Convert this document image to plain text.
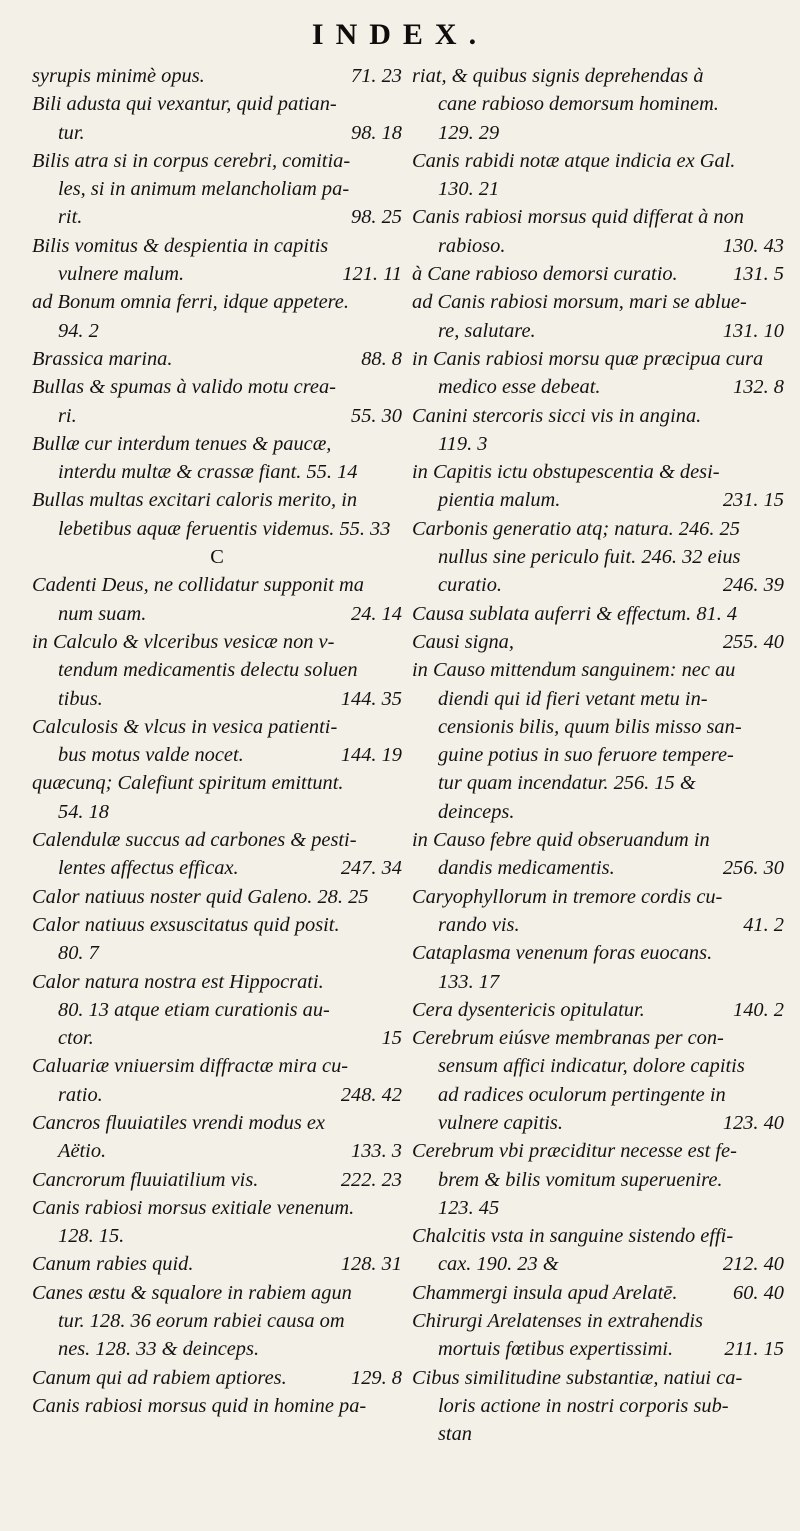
INDEX.
71. 23
syrupis minimè opus.
Bili adusta qui vexantur, quid patian-
98. 18
tur.
Bilis atra si in corpus cerebri, comitia-
les, si in animum melancholiam pa-
98. 25
rit.
Bilis vomitus & despientia in capitis
121. 11
vulnere malum.
ad Bonum omnia ferri, idque appetere.
94. 2
88. 8
Brassica marina.
Bullas & spumas à valido motu crea-
55. 30
ri.
Bullæ cur interdum tenues & paucæ,
interdu multæ & crassæ fiant. 55. 14
Bullas multas excitari caloris merito, in
lebetibus aquæ feruentis videmus. 55. 33
C
Cadenti Deus, ne collidatur supponit ma
24. 14
num suam.
in Calculo & vlceribus vesicæ non v-
tendum medicamentis delectu soluen
144. 35
tibus.
Calculosis & vlcus in vesica patienti-
144. 19
bus motus valde nocet.
quæcunq; Calefiunt spiritum emittunt.
54. 18
Calendulæ succus ad carbones & pesti-
247. 34
lentes affectus efficax.
Calor natiuus noster quid Galeno. 28. 25
Calor natiuus exsuscitatus quid posit.
80. 7
Calor natura nostra est Hippocrati.
80. 13 atque etiam curationis au-
15
ctor.
Caluariæ vniuersim diffractæ mira cu-
248. 42
ratio.
Cancros fluuiatiles vrendi modus ex
133. 3
Aëtio.
222. 23
Cancrorum fluuiatilium vis.
Canis rabiosi morsus exitiale venenum.
128. 15.
128. 31
Canum rabies quid.
Canes æstu & squalore in rabiem agun
tur. 128. 36 eorum rabiei causa om
nes. 128. 33 & deinceps.
129. 8
Canum qui ad rabiem aptiores.
Canis rabiosi morsus quid in homine pa-
riat, & quibus signis deprehendas à
cane rabioso demorsum hominem.
129. 29
Canis rabidi notæ atque indicia ex Gal.
130. 21
Canis rabiosi morsus quid differat à non
130. 43
rabioso.
131. 5
à Cane rabioso demorsi curatio.
ad Canis rabiosi morsum, mari se ablue-
131. 10
re, salutare.
in Canis rabiosi morsu quæ præcipua cura
132. 8
medico esse debeat.
Canini stercoris sicci vis in angina.
119. 3
in Capitis ictu obstupescentia & desi-
231. 15
pientia malum.
Carbonis generatio atq; natura. 246. 25
nullus sine periculo fuit. 246. 32 eius
246. 39
curatio.
Causa sublata auferri & effectum. 81. 4
255. 40
Causi signa,
in Causo mittendum sanguinem: nec au
diendi qui id fieri vetant metu in-
censionis bilis, quum bilis misso san-
guine potius in suo feruore tempere-
tur quam incendatur. 256. 15 &
deinceps.
in Causo febre quid obseruandum in
256. 30
dandis medicamentis.
Caryophyllorum in tremore cordis cu-
41. 2
rando vis.
Cataplasma venenum foras euocans.
133. 17
140. 2
Cera dysentericis opitulatur.
Cerebrum eiúsve membranas per con-
sensum affici indicatur, dolore capitis
ad radices oculorum pertingente in
123. 40
vulnere capitis.
Cerebrum vbi præciditur necesse est fe-
brem & bilis vomitum superuenire.
123. 45
Chalcitis vsta in sanguine sistendo effi-
212. 40
cax. 190. 23 &
60. 40
Chammergi insula apud Arelatē.
Chirurgi Arelatenses in extrahendis
211. 15
mortuis fœtibus expertissimi.
Cibus similitudine substantiæ, natiui ca-
loris actione in nostri corporis sub-
stan
